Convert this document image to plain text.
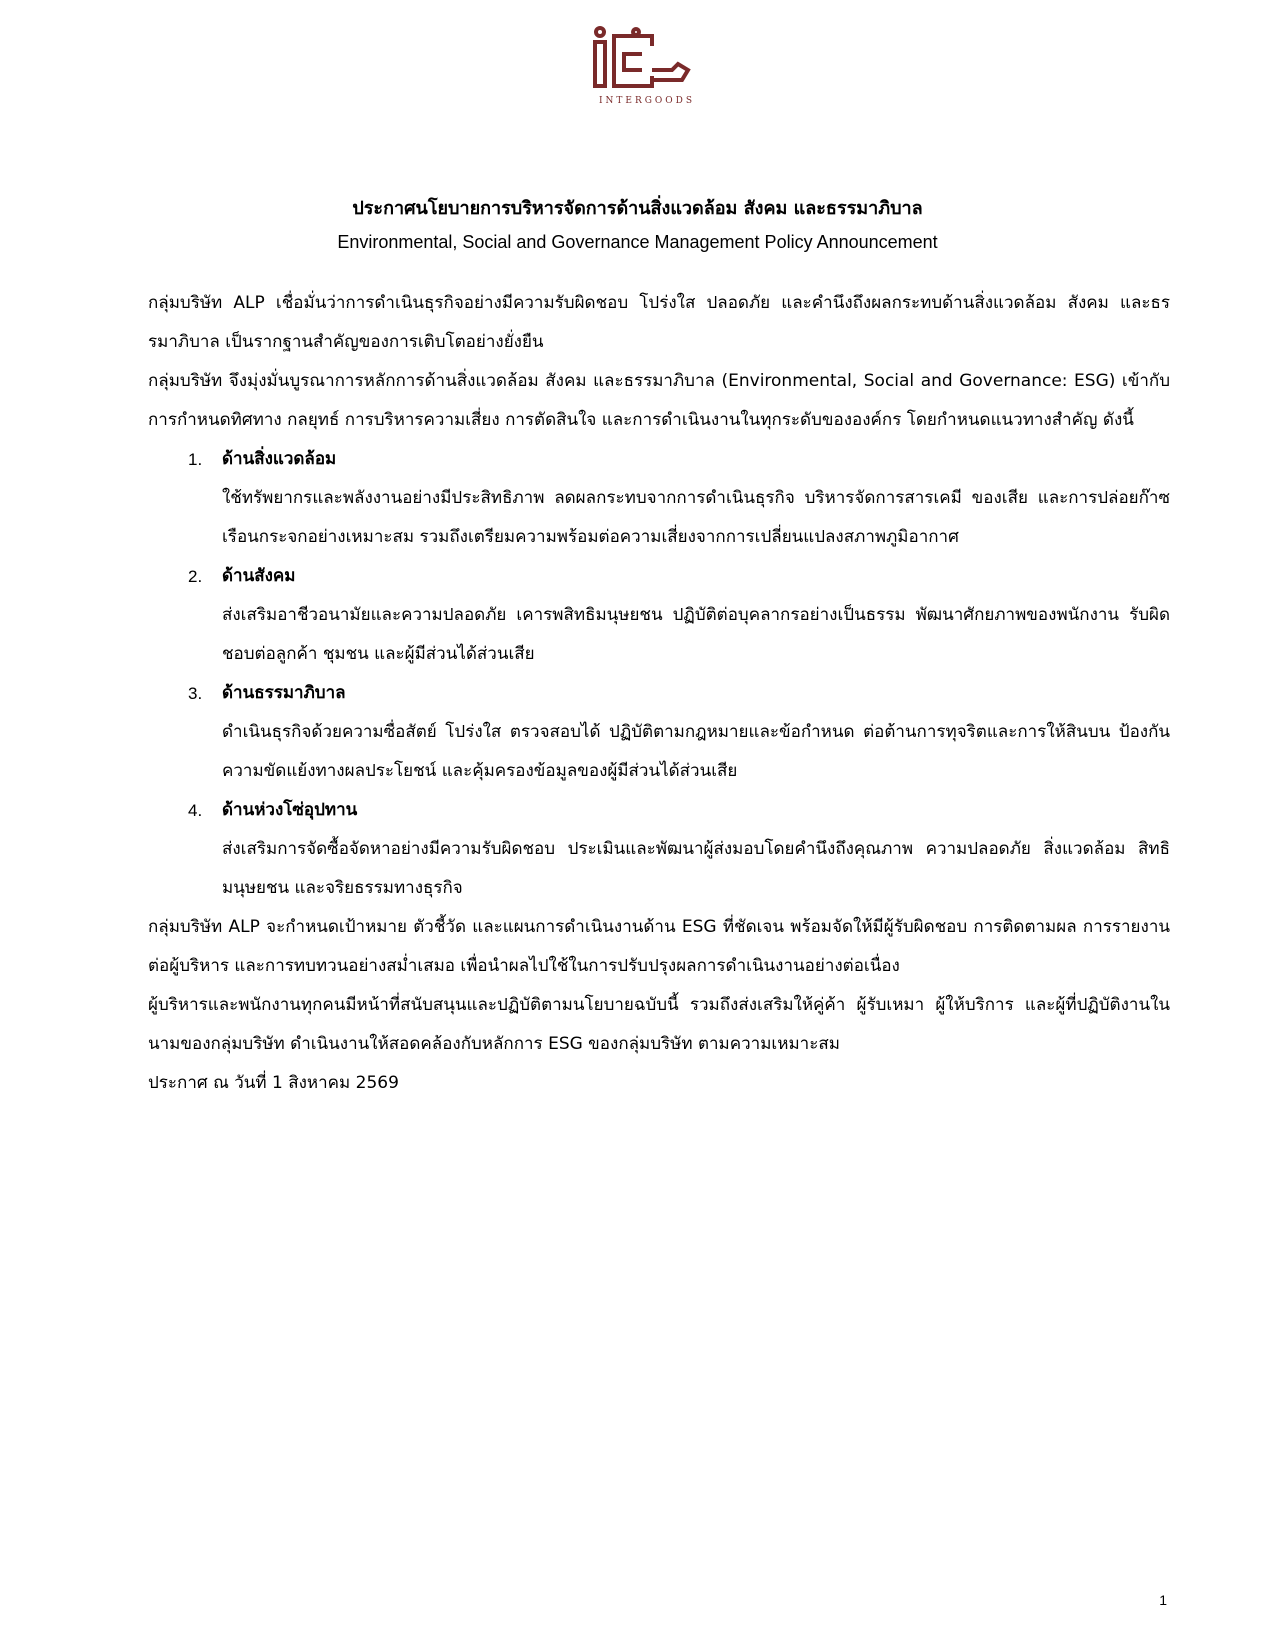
INTERGOODS

ประกาศนโยบายการบริหารจัดการด้านสิ่งแวดล้อม สังคม และธรรมาภิบาล

Environmental, Social and Governance Management Policy Announcement

กลุ่มบริษัท ALP เชื่อมั่นว่าการดำเนินธุรกิจอย่างมีความรับผิดชอบ โปร่งใส ปลอดภัย และคำนึงถึงผลกระทบด้านสิ่งแวดล้อม สังคม และธรรมาภิบาล เป็นรากฐานสำคัญของการเติบโตอย่างยั่งยืน

กลุ่มบริษัท จึงมุ่งมั่นบูรณาการหลักการด้านสิ่งแวดล้อม สังคม และธรรมาภิบาล (Environmental, Social and Governance: ESG) เข้ากับการกำหนดทิศทาง กลยุทธ์ การบริหารความเสี่ยง การตัดสินใจ และการดำเนินงานในทุกระดับขององค์กร โดยกำหนดแนวทางสำคัญ ดังนี้

1.	ด้านสิ่งแวดล้อม

ใช้ทรัพยากรและพลังงานอย่างมีประสิทธิภาพ ลดผลกระทบจากการดำเนินธุรกิจ บริหารจัดการสารเคมี ของเสีย และการปล่อยก๊าซเรือนกระจกอย่างเหมาะสม รวมถึงเตรียมความพร้อมต่อความเสี่ยงจากการเปลี่ยนแปลงสภาพภูมิอากาศ

2.	ด้านสังคม

ส่งเสริมอาชีวอนามัยและความปลอดภัย เคารพสิทธิมนุษยชน ปฏิบัติต่อบุคลากรอย่างเป็นธรรม พัฒนาศักยภาพของพนักงาน รับผิดชอบต่อลูกค้า ชุมชน และผู้มีส่วนได้ส่วนเสีย

3.	ด้านธรรมาภิบาล

ดำเนินธุรกิจด้วยความซื่อสัตย์ โปร่งใส ตรวจสอบได้ ปฏิบัติตามกฎหมายและข้อกำหนด ต่อต้านการทุจริตและการให้สินบน ป้องกันความขัดแย้งทางผลประโยชน์ และคุ้มครองข้อมูลของผู้มีส่วนได้ส่วนเสีย

4.	ด้านห่วงโซ่อุปทาน

ส่งเสริมการจัดซื้อจัดหาอย่างมีความรับผิดชอบ ประเมินและพัฒนาผู้ส่งมอบโดยคำนึงถึงคุณภาพ ความปลอดภัย สิ่งแวดล้อม สิทธิมนุษยชน และจริยธรรมทางธุรกิจ

กลุ่มบริษัท ALP จะกำหนดเป้าหมาย ตัวชี้วัด และแผนการดำเนินงานด้าน ESG ที่ชัดเจน พร้อมจัดให้มีผู้รับผิดชอบ การติดตามผล การรายงานต่อผู้บริหาร และการทบทวนอย่างสม่ำเสมอ เพื่อนำผลไปใช้ในการปรับปรุงผลการดำเนินงานอย่างต่อเนื่อง

ผู้บริหารและพนักงานทุกคนมีหน้าที่สนับสนุนและปฏิบัติตามนโยบายฉบับนี้ รวมถึงส่งเสริมให้คู่ค้า ผู้รับเหมา ผู้ให้บริการ และผู้ที่ปฏิบัติงานในนามของกลุ่มบริษัท ดำเนินงานให้สอดคล้องกับหลักการ ESG ของกลุ่มบริษัท ตามความเหมาะสม

ประกาศ ณ วันที่ 1 สิงหาคม 2569

1
